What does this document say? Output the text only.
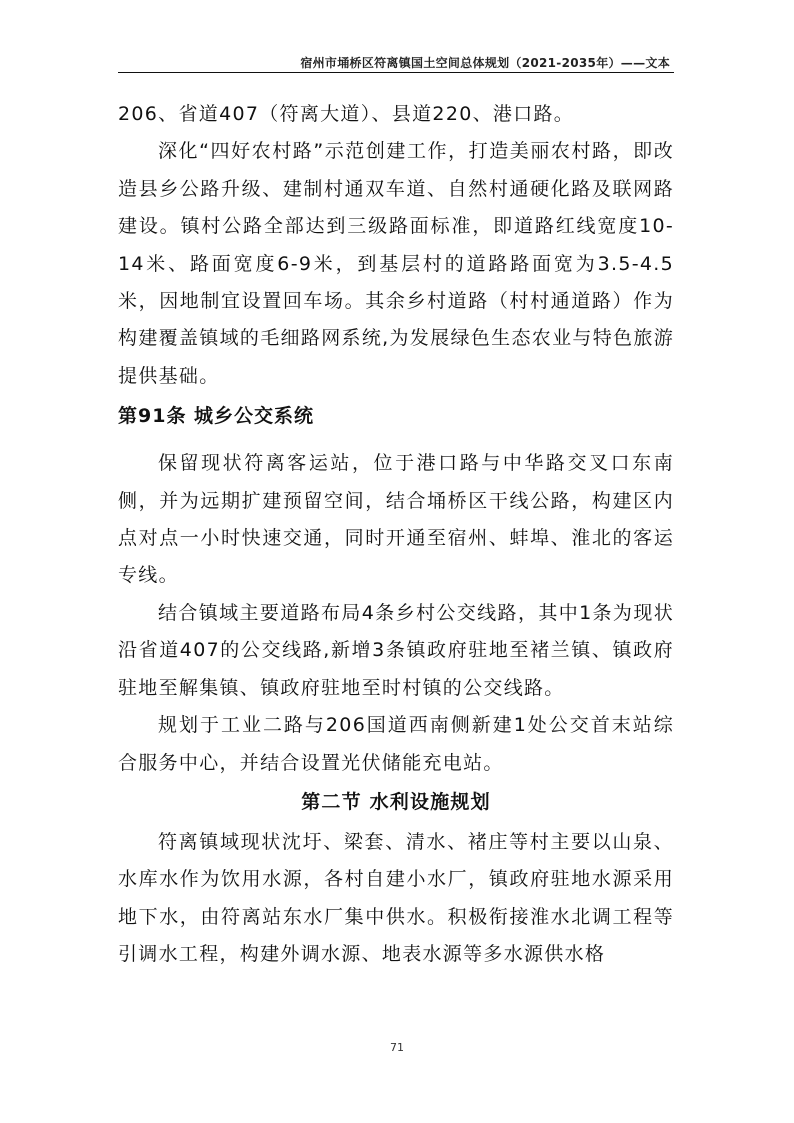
宿州市埇桥区符离镇国土空间总体规划（2021-2035年）——文本

206、省道407（符离大道）、县道220、港口路。

深化“四好农村路”示范创建工作，打造美丽农村路，即改造县乡公路升级、建制村通双车道、自然村通硬化路及联网路建设。镇村公路全部达到三级路面标准，即道路红线宽度10-14米、路面宽度6-9米，到基层村的道路路面宽为3.5-4.5米，因地制宜设置回车场。其余乡村道路（村村通道路）作为构建覆盖镇域的毛细路网系统,为发展绿色生态农业与特色旅游提供基础。

第91条 城乡公交系统

保留现状符离客运站，位于港口路与中华路交叉口东南侧，并为远期扩建预留空间，结合埇桥区干线公路，构建区内点对点一小时快速交通，同时开通至宿州、蚌埠、淮北的客运专线。

结合镇域主要道路布局4条乡村公交线路，其中1条为现状沿省道407的公交线路,新增3条镇政府驻地至褚兰镇、镇政府驻地至解集镇、镇政府驻地至时村镇的公交线路。

规划于工业二路与206国道西南侧新建1处公交首末站综合服务中心，并结合设置光伏储能充电站。

第二节 水利设施规划

符离镇域现状沈圩、梁套、清水、褚庄等村主要以山泉、水库水作为饮用水源，各村自建小水厂，镇政府驻地水源采用地下水，由符离站东水厂集中供水。积极衔接淮水北调工程等引调水工程，构建外调水源、地表水源等多水源供水格

71
